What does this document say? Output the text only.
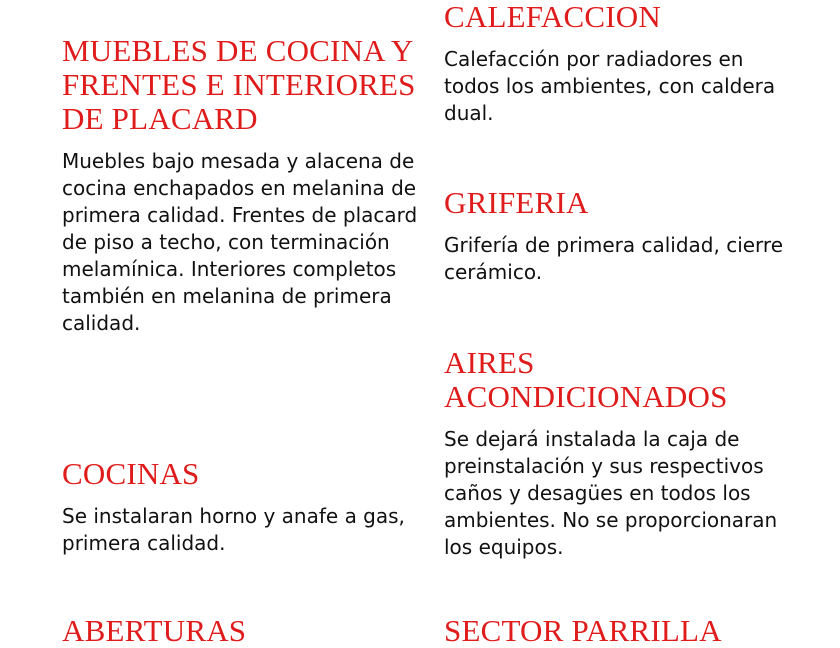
CALEFACCION

Calefacción por radiadores en todos los ambientes, con caldera dual.

MUEBLES DE COCINA Y FRENTES E INTERIORES DE PLACARD

Muebles bajo mesada y alacena de cocina enchapados en melanina de primera calidad. Frentes de placard de piso a techo, con terminación melamínica. Interiores completos también en melanina de primera calidad.

GRIFERIA

Grifería de primera calidad, cierre cerámico.

AIRES ACONDICIONADOS

Se dejará instalada la caja de preinstalación y sus respectivos caños y desagües en todos los ambientes. No se proporcionaran los equipos.

COCINAS

Se instalaran horno y anafe a gas, primera calidad.

ABERTURAS	SECTOR PARRILLA
